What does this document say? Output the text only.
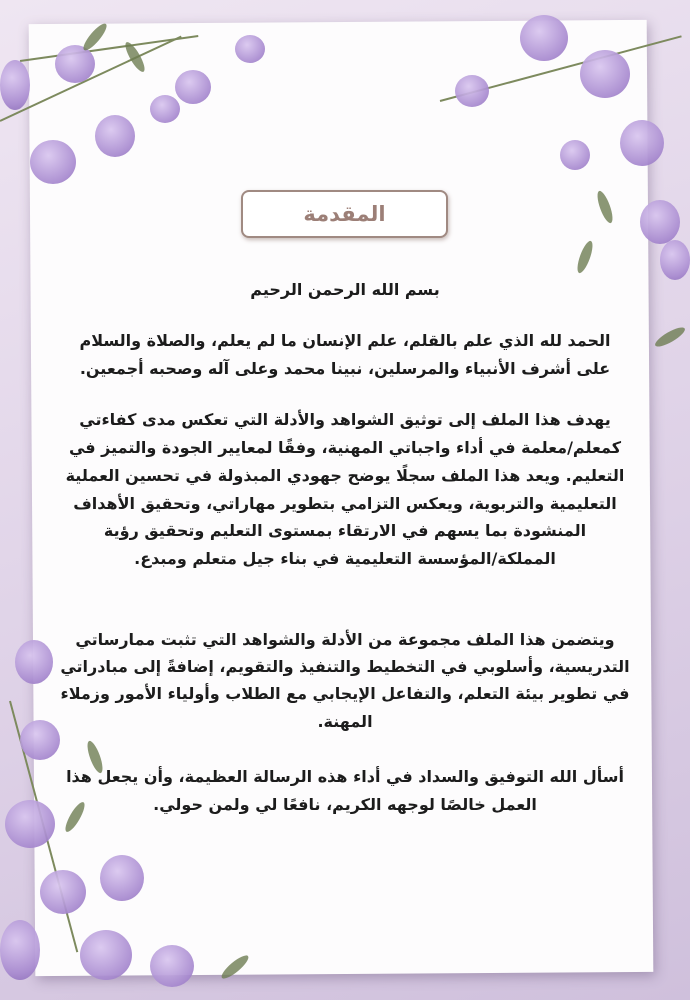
المقدمة
بسم الله الرحمن الرحيم
الحمد لله الذي علم بالقلم، علم الإنسان ما لم يعلم، والصلاة والسلام
على أشرف الأنبياء والمرسلين، نبينا محمد وعلى آله وصحبه أجمعين.
يهدف هذا الملف إلى توثيق الشواهد والأدلة التي تعكس مدى كفاءتي
كمعلم/معلمة في أداء واجباتي المهنية، وفقًا لمعايير الجودة والتميز في
التعليم. ويعد هذا الملف سجلًا يوضح جهودي المبذولة في تحسين العملية
التعليمية والتربوية، ويعكس التزامي بتطوير مهاراتي، وتحقيق الأهداف
المنشودة بما يسهم في الارتقاء بمستوى التعليم وتحقيق رؤية
المملكة/المؤسسة التعليمية في بناء جيل متعلم ومبدع.
ويتضمن هذا الملف مجموعة من الأدلة والشواهد التي تثبت ممارساتي
التدريسية، وأسلوبي في التخطيط والتنفيذ والتقويم، إضافةً إلى مبادراتي
في تطوير بيئة التعلم، والتفاعل الإيجابي مع الطلاب وأولياء الأمور وزملاء
المهنة.
أسأل الله التوفيق والسداد في أداء هذه الرسالة العظيمة، وأن يجعل هذا
العمل خالصًا لوجهه الكريم، نافعًا لي ولمن حولي.
